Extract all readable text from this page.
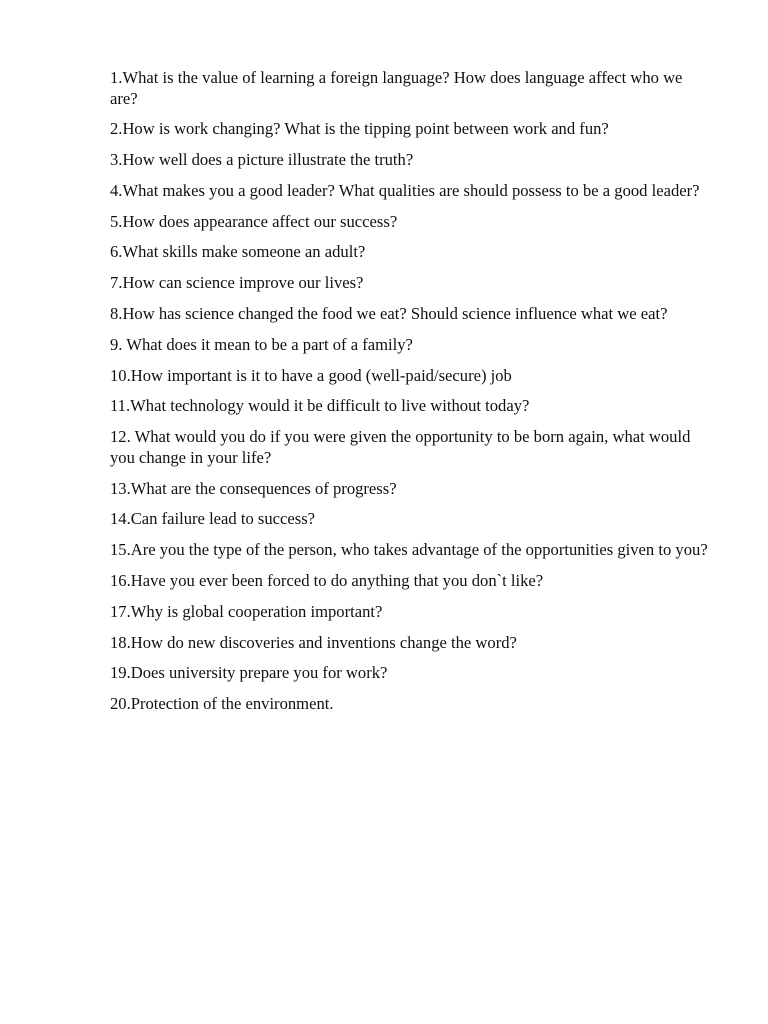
1.What is the value of learning a foreign language? How does language affect who we are?

2.How is work changing? What is the tipping point between work and fun?

3.How well does a picture illustrate the truth?

4.What makes you a good leader? What qualities are should possess to be a good leader?

5.How does appearance affect our success?

6.What skills make someone an adult?

7.How can science improve our lives?

8.How has science changed the food we eat? Should science influence what we eat?

9. What does it mean to be a part of a family?

10.How important is it to have a good (well-paid/secure) job

11.What technology would it be difficult to live without today?

12. What would you do if you were given the opportunity to be born again, what would you change in your life?

13.What are the consequences of progress?

14.Can failure lead to success?

15.Are you the type of the person, who takes advantage of the opportunities given to you?

16.Have you ever been forced to do anything that you don`t like?

17.Why is global cooperation important?

18.How do new discoveries and inventions change the word?

19.Does university prepare you for work?

20.Protection of the environment.
